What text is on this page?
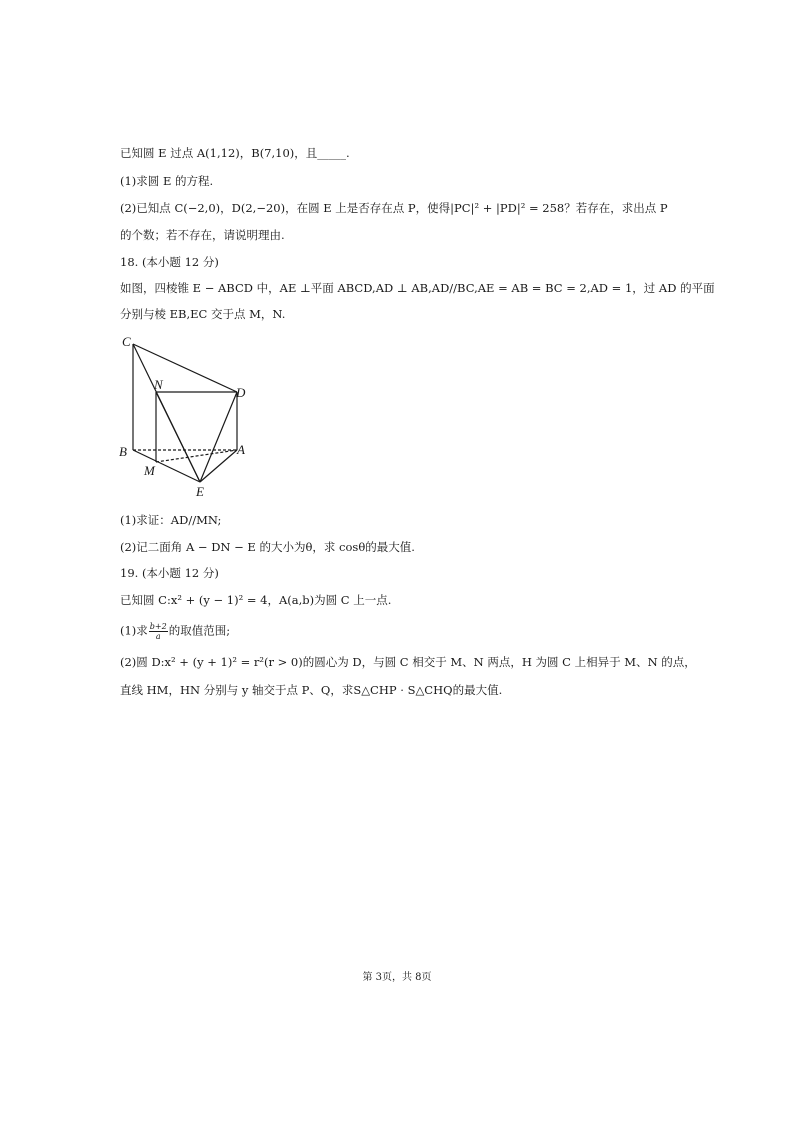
已知圆 E 过点 A(1,12)，B(7,10)，且_____.
(1)求圆 E 的方程.
(2)已知点 C(−2,0)，D(2,−20)，在圆 E 上是否存在点 P，使得|PC|² + |PD|² = 258？若存在，求出点 P
的个数；若不存在，请说明理由.
18. (本小题 12 分)
如图，四棱锥 E − ABCD 中，AE ⊥平面 ABCD,AD ⊥ AB,AD//BC,AE = AB = BC = 2,AD = 1，过 AD 的平面
分别与棱 EB,EC 交于点 M，N.
C
N
D
B	A
M
E
(1)求证：AD//MN;
(2)记二面角 A − DN − E 的大小为θ，求 cosθ的最大值.
19. (本小题 12 分)
已知圆 C:x² + (y − 1)² = 4，A(a,b)为圆 C 上一点.
(1)求 $\frac{b+2}{a}$ 的取值范围;
(2)圆 D:x² + (y + 1)² = r²(r > 0)的圆心为 D，与圆 C 相交于 M、N 两点，H 为圆 C 上相异于 M、N 的点，
直线 HM，HN 分别与 y 轴交于点 P、Q，求S△CHP · S△CHQ的最大值.
第 3页，共 8页
